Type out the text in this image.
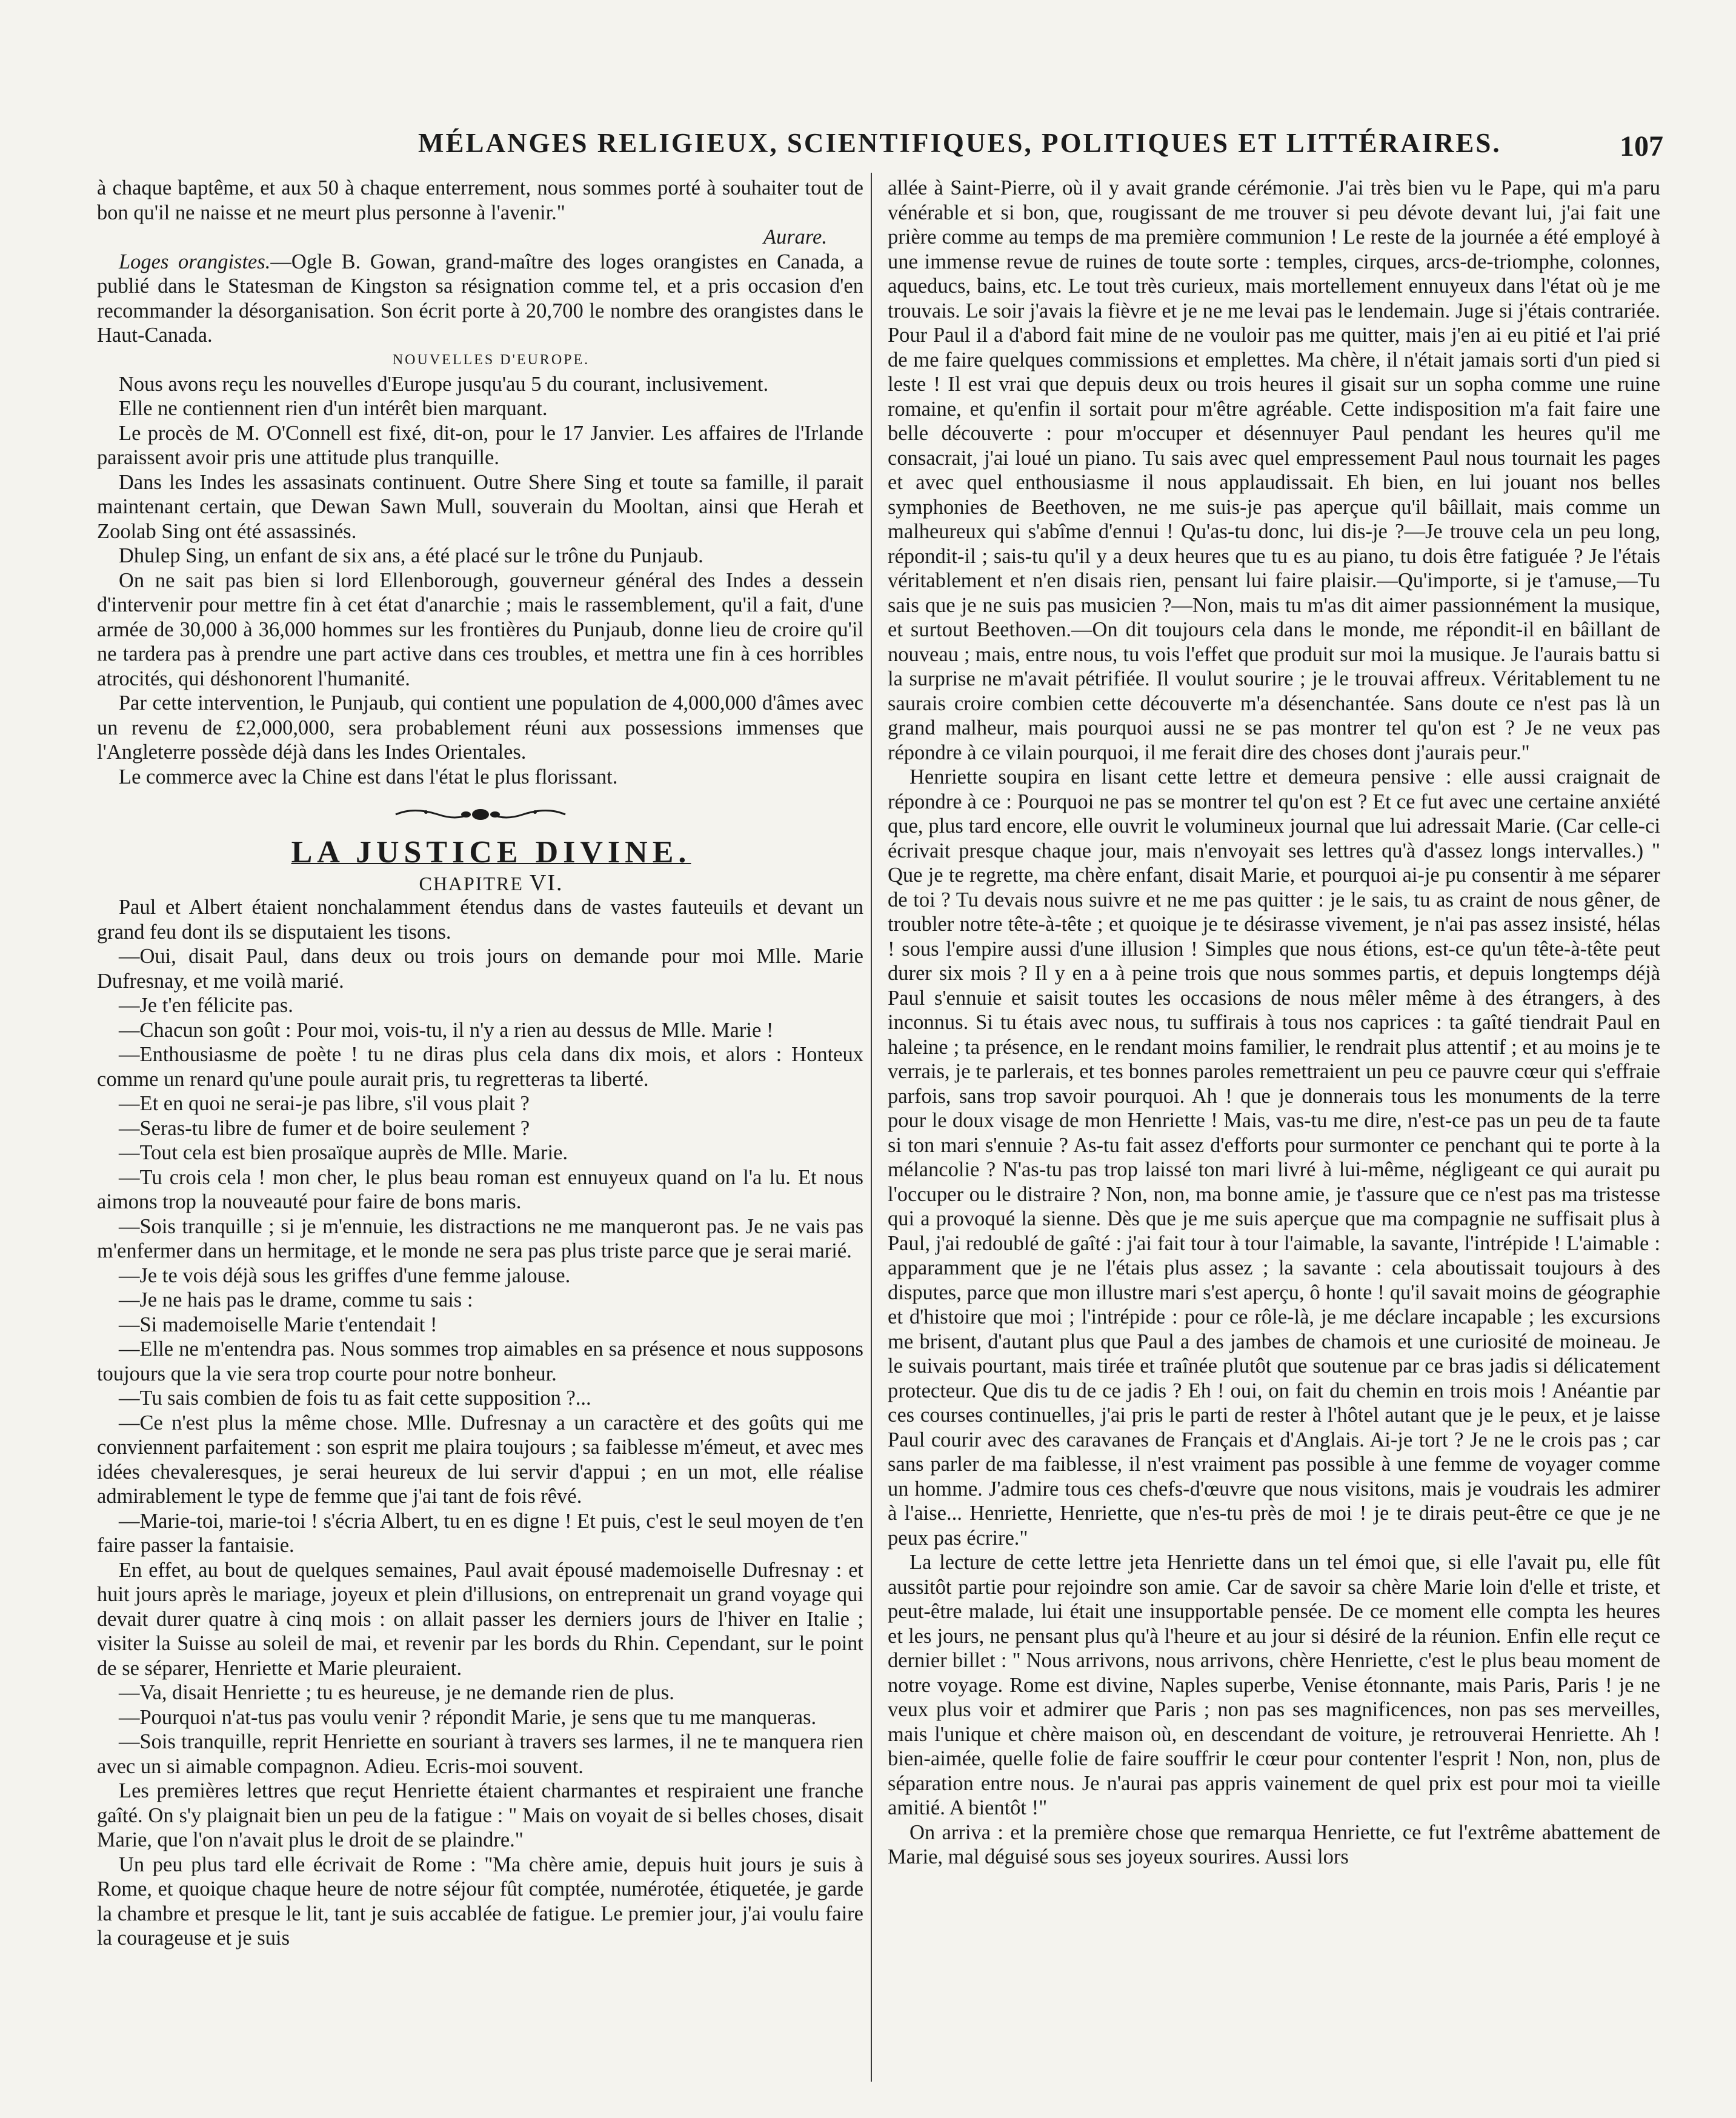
MÉLANGES RELIGIEUX, SCIENTIFIQUES, POLITIQUES ET LITTÉRAIRES.	107

à chaque baptême, et aux 50 à chaque enterrement, nous sommes porté à souhaiter tout de bon qu'il ne naisse et ne meurt plus personne à l'avenir."

Aurare.

Loges orangistes.—Ogle B. Gowan, grand-maître des loges orangistes en Canada, a publié dans le Statesman de Kingston sa résignation comme tel, et a pris occasion d'en recommander la désorganisation. Son écrit porte à 20,700 le nombre des orangistes dans le Haut-Canada.

NOUVELLES D'EUROPE.

Nous avons reçu les nouvelles d'Europe jusqu'au 5 du courant, inclusivement.

Elle ne contiennent rien d'un intérêt bien marquant.

Le procès de M. O'Connell est fixé, dit-on, pour le 17 Janvier. Les affaires de l'Irlande paraissent avoir pris une attitude plus tranquille.

Dans les Indes les assasinats continuent. Outre Shere Sing et toute sa famille, il parait maintenant certain, que Dewan Sawn Mull, souverain du Mooltan, ainsi que Herah et Zoolab Sing ont été assassinés.

Dhulep Sing, un enfant de six ans, a été placé sur le trône du Punjaub.

On ne sait pas bien si lord Ellenborough, gouverneur général des Indes a dessein d'intervenir pour mettre fin à cet état d'anarchie ; mais le rassemblement, qu'il a fait, d'une armée de 30,000 à 36,000 hommes sur les frontières du Punjaub, donne lieu de croire qu'il ne tardera pas à prendre une part active dans ces troubles, et mettra une fin à ces horribles atrocités, qui déshonorent l'humanité.

Par cette intervention, le Punjaub, qui contient une population de 4,000,000 d'âmes avec un revenu de £2,000,000, sera probablement réuni aux possessions immenses que l'Angleterre possède déjà dans les Indes Orientales.

Le commerce avec la Chine est dans l'état le plus florissant.

LA JUSTICE DIVINE.

CHAPITRE VI.

Paul et Albert étaient nonchalamment étendus dans de vastes fauteuils et devant un grand feu dont ils se disputaient les tisons.

—Oui, disait Paul, dans deux ou trois jours on demande pour moi Mlle. Marie Dufresnay, et me voilà marié.

—Je t'en félicite pas.

—Chacun son goût : Pour moi, vois-tu, il n'y a rien au dessus de Mlle. Marie !

—Enthousiasme de poète ! tu ne diras plus cela dans dix mois, et alors : Honteux comme un renard qu'une poule aurait pris, tu regretteras ta liberté.

—Et en quoi ne serai-je pas libre, s'il vous plait ?

—Seras-tu libre de fumer et de boire seulement ?

—Tout cela est bien prosaïque auprès de Mlle. Marie.

—Tu crois cela ! mon cher, le plus beau roman est ennuyeux quand on l'a lu. Et nous aimons trop la nouveauté pour faire de bons maris.

—Sois tranquille ; si je m'ennuie, les distractions ne me manqueront pas. Je ne vais pas m'enfermer dans un hermitage, et le monde ne sera pas plus triste parce que je serai marié.

—Je te vois déjà sous les griffes d'une femme jalouse.

—Je ne hais pas le drame, comme tu sais :

—Si mademoiselle Marie t'entendait !

—Elle ne m'entendra pas. Nous sommes trop aimables en sa présence et nous supposons toujours que la vie sera trop courte pour notre bonheur.

—Tu sais combien de fois tu as fait cette supposition ?...

—Ce n'est plus la même chose. Mlle. Dufresnay a un caractère et des goûts qui me conviennent parfaitement : son esprit me plaira toujours ; sa faiblesse m'émeut, et avec mes idées chevaleresques, je serai heureux de lui servir d'appui ; en un mot, elle réalise admirablement le type de femme que j'ai tant de fois rêvé.

—Marie-toi, marie-toi ! s'écria Albert, tu en es digne ! Et puis, c'est le seul moyen de t'en faire passer la fantaisie.

En effet, au bout de quelques semaines, Paul avait épousé mademoiselle Dufresnay : et huit jours après le mariage, joyeux et plein d'illusions, on entreprenait un grand voyage qui devait durer quatre à cinq mois : on allait passer les derniers jours de l'hiver en Italie ; visiter la Suisse au soleil de mai, et revenir par les bords du Rhin. Cependant, sur le point de se séparer, Henriette et Marie pleuraient.

—Va, disait Henriette ; tu es heureuse, je ne demande rien de plus.

—Pourquoi n'at-tus pas voulu venir ? répondit Marie, je sens que tu me manqueras.

—Sois tranquille, reprit Henriette en souriant à travers ses larmes, il ne te manquera rien avec un si aimable compagnon. Adieu. Ecris-moi souvent.

Les premières lettres que reçut Henriette étaient charmantes et respiraient une franche gaîté. On s'y plaignait bien un peu de la fatigue : " Mais on voyait de si belles choses, disait Marie, que l'on n'avait plus le droit de se plaindre."

Un peu plus tard elle écrivait de Rome : "Ma chère amie, depuis huit jours je suis à Rome, et quoique chaque heure de notre séjour fût comptée, numérotée, étiquetée, je garde la chambre et presque le lit, tant je suis accablée de fatigue. Le premier jour, j'ai voulu faire la courageuse et je suis

allée à Saint-Pierre, où il y avait grande cérémonie. J'ai très bien vu le Pape, qui m'a paru vénérable et si bon, que, rougissant de me trouver si peu dévote devant lui, j'ai fait une prière comme au temps de ma première communion ! Le reste de la journée a été employé à une immense revue de ruines de toute sorte : temples, cirques, arcs-de-triomphe, colonnes, aqueducs, bains, etc. Le tout très curieux, mais mortellement ennuyeux dans l'état où je me trouvais. Le soir j'avais la fièvre et je ne me levai pas le lendemain. Juge si j'étais contrariée. Pour Paul il a d'abord fait mine de ne vouloir pas me quitter, mais j'en ai eu pitié et l'ai prié de me faire quelques commissions et emplettes. Ma chère, il n'était jamais sorti d'un pied si leste ! Il est vrai que depuis deux ou trois heures il gisait sur un sopha comme une ruine romaine, et qu'enfin il sortait pour m'être agréable. Cette indisposition m'a fait faire une belle découverte : pour m'occuper et désennuyer Paul pendant les heures qu'il me consacrait, j'ai loué un piano. Tu sais avec quel empressement Paul nous tournait les pages et avec quel enthousiasme il nous applaudissait. Eh bien, en lui jouant nos belles symphonies de Beethoven, ne me suis-je pas aperçue qu'il bâillait, mais comme un malheureux qui s'abîme d'ennui ! Qu'as-tu donc, lui dis-je ?—Je trouve cela un peu long, répondit-il ; sais-tu qu'il y a deux heures que tu es au piano, tu dois être fatiguée ? Je l'étais véritablement et n'en disais rien, pensant lui faire plaisir.—Qu'importe, si je t'amuse,—Tu sais que je ne suis pas musicien ?—Non, mais tu m'as dit aimer passionnément la musique, et surtout Beethoven.—On dit toujours cela dans le monde, me répondit-il en bâillant de nouveau ; mais, entre nous, tu vois l'effet que produit sur moi la musique. Je l'aurais battu si la surprise ne m'avait pétrifiée. Il voulut sourire ; je le trouvai affreux. Véritablement tu ne saurais croire combien cette découverte m'a désenchantée. Sans doute ce n'est pas là un grand malheur, mais pourquoi aussi ne se pas montrer tel qu'on est ? Je ne veux pas répondre à ce vilain pourquoi, il me ferait dire des choses dont j'aurais peur."

Henriette soupira en lisant cette lettre et demeura pensive : elle aussi craignait de répondre à ce : Pourquoi ne pas se montrer tel qu'on est ? Et ce fut avec une certaine anxiété que, plus tard encore, elle ouvrit le volumineux journal que lui adressait Marie. (Car celle-ci écrivait presque chaque jour, mais n'envoyait ses lettres qu'à d'assez longs intervalles.) " Que je te regrette, ma chère enfant, disait Marie, et pourquoi ai-je pu consentir à me séparer de toi ? Tu devais nous suivre et ne me pas quitter : je le sais, tu as craint de nous gêner, de troubler notre tête-à-tête ; et quoique je te désirasse vivement, je n'ai pas assez insisté, hélas ! sous l'empire aussi d'une illusion ! Simples que nous étions, est-ce qu'un tête-à-tête peut durer six mois ? Il y en a à peine trois que nous sommes partis, et depuis longtemps déjà Paul s'ennuie et saisit toutes les occasions de nous mêler même à des étrangers, à des inconnus. Si tu étais avec nous, tu suffirais à tous nos caprices : ta gaîté tiendrait Paul en haleine ; ta présence, en le rendant moins familier, le rendrait plus attentif ; et au moins je te verrais, je te parlerais, et tes bonnes paroles remettraient un peu ce pauvre cœur qui s'effraie parfois, sans trop savoir pourquoi. Ah ! que je donnerais tous les monuments de la terre pour le doux visage de mon Henriette ! Mais, vas-tu me dire, n'est-ce pas un peu de ta faute si ton mari s'ennuie ? As-tu fait assez d'efforts pour surmonter ce penchant qui te porte à la mélancolie ? N'as-tu pas trop laissé ton mari livré à lui-même, négligeant ce qui aurait pu l'occuper ou le distraire ? Non, non, ma bonne amie, je t'assure que ce n'est pas ma tristesse qui a provoqué la sienne. Dès que je me suis aperçue que ma compagnie ne suffisait plus à Paul, j'ai redoublé de gaîté : j'ai fait tour à tour l'aimable, la savante, l'intrépide ! L'aimable : apparamment que je ne l'étais plus assez ; la savante : cela aboutissait toujours à des disputes, parce que mon illustre mari s'est aperçu, ô honte ! qu'il savait moins de géographie et d'histoire que moi ; l'intrépide : pour ce rôle-là, je me déclare incapable ; les excursions me brisent, d'autant plus que Paul a des jambes de chamois et une curiosité de moineau. Je le suivais pourtant, mais tirée et traînée plutôt que soutenue par ce bras jadis si délicatement protecteur. Que dis tu de ce jadis ? Eh ! oui, on fait du chemin en trois mois ! Anéantie par ces courses continuelles, j'ai pris le parti de rester à l'hôtel autant que je le peux, et je laisse Paul courir avec des caravanes de Français et d'Anglais. Ai-je tort ? Je ne le crois pas ; car sans parler de ma faiblesse, il n'est vraiment pas possible à une femme de voyager comme un homme. J'admire tous ces chefs-d'œuvre que nous visitons, mais je voudrais les admirer à l'aise... Henriette, Henriette, que n'es-tu près de moi ! je te dirais peut-être ce que je ne peux pas écrire."

La lecture de cette lettre jeta Henriette dans un tel émoi que, si elle l'avait pu, elle fût aussitôt partie pour rejoindre son amie. Car de savoir sa chère Marie loin d'elle et triste, et peut-être malade, lui était une insupportable pensée. De ce moment elle compta les heures et les jours, ne pensant plus qu'à l'heure et au jour si désiré de la réunion. Enfin elle reçut ce dernier billet : " Nous arrivons, nous arrivons, chère Henriette, c'est le plus beau moment de notre voyage. Rome est divine, Naples superbe, Venise étonnante, mais Paris, Paris ! je ne veux plus voir et admirer que Paris ; non pas ses magnificences, non pas ses merveilles, mais l'unique et chère maison où, en descendant de voiture, je retrouverai Henriette. Ah ! bien-aimée, quelle folie de faire souffrir le cœur pour contenter l'esprit ! Non, non, plus de séparation entre nous. Je n'aurai pas appris vainement de quel prix est pour moi ta vieille amitié. A bientôt !"

On arriva : et la première chose que remarqua Henriette, ce fut l'extrême abattement de Marie, mal déguisé sous ses joyeux sourires. Aussi lors
